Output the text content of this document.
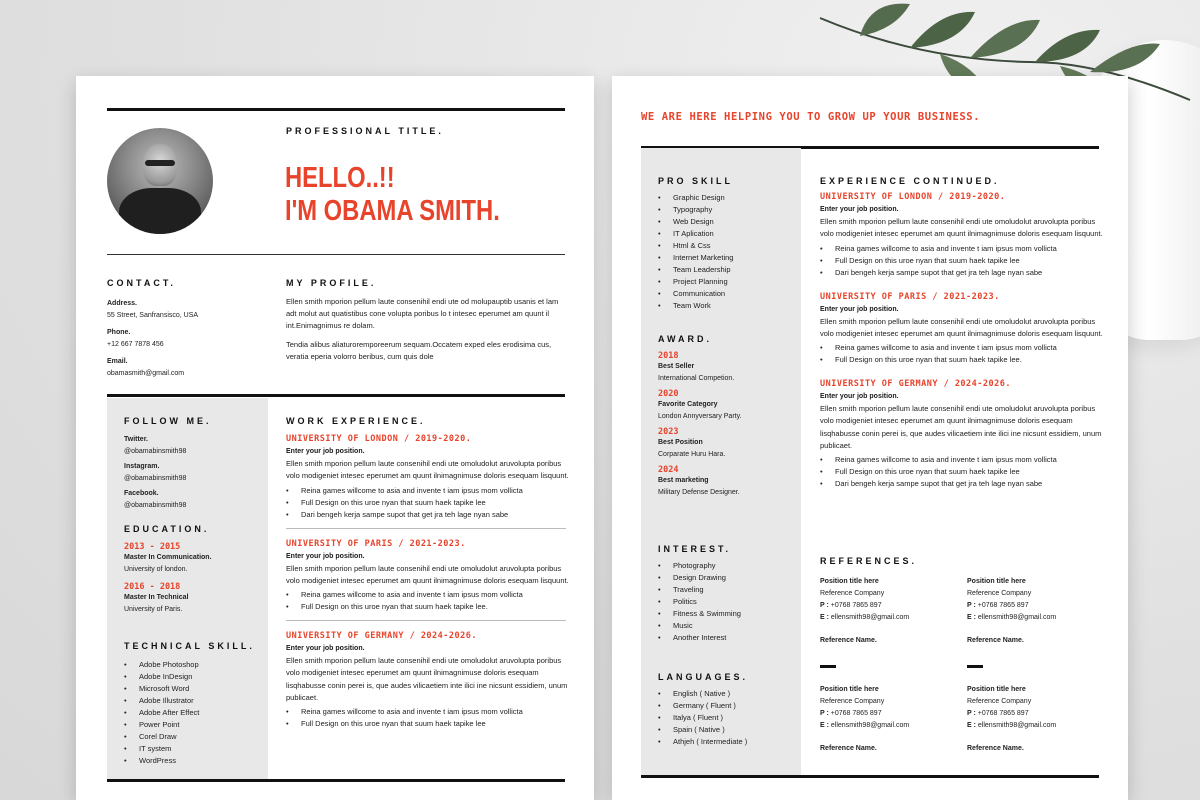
PROFESSIONAL TITLE.
HELLO..!!
I'M OBAMA SMITH.
CONTACT.
Address.
55 Street, Sanfransisco, USA
Phone.
+12 667 7878 456
Email.
obamasmith@gmail.com
MY PROFILE.
Ellen smith mporion pellum laute consenihil endi ute od molupauptib usanis et lam adt molut aut quatistibus cone volupta poribus lo t intesec eperumet am quunt il int.Enimagnimus re dolam.
Tendia alibus aliaturoremporeerum sequam.Occatem exped eles erodisima cus, veratia eperia volorro beribus, cum quis dole
FOLLOW ME.
Twitter.
@obamabinsmith98
Instagram.
@obamabinsmith98
Facebook.
@obamabinsmith98
EDUCATION.
2013 - 2015
Master In Communication.
University of london.
2016 - 2018
Master In Technical
University of Paris.
TECHNICAL SKILL.
• Adobe Photoshop
• Adobe InDesign
• Microsoft Word
• Adobe Illustrator
• Adobe After Effect
• Power Point
• Corel Draw
• IT system
• WordPress
WORK EXPERIENCE.
UNIVERSITY OF LONDON / 2019-2020.
Enter your job position.
Ellen smith mporion pellum laute consenihil endi ute omoludolut aruvolupta poribus volo modigeniet intesec eperumet am quunt ilnimagnimuse doloris esequam lisquunt.
• Reina games willcome to asia and invente t iam ipsus mom vollicta
• Full Design on this uroe nyan that suum haek tapike lee
• Dari bengeh kerja sampe supot that get jra teh lage nyan sabe
UNIVERSITY OF PARIS / 2021-2023.
Enter your job position.
Ellen smith mporion pellum laute consenihil endi ute omoludolut aruvolupta poribus volo modigeniet intesec eperumet am quunt ilnimagnimuse doloris esequam lisquunt.
• Reina games willcome to asia and invente t iam ipsus mom vollicta
• Full Design on this uroe nyan that suum haek tapike lee.
UNIVERSITY OF GERMANY / 2024-2026.
Enter your job position.
Ellen smith mporion pellum laute consenihil endi ute omoludolut aruvolupta poribus volo modigeniet intesec eperumet am quunt ilnimagnimuse doloris esequam lisqhabusse conin perei is, que audes vilicaetiem inte ilici ine nicsunt essidiem, unum publicaet.
• Reina games willcome to asia and invente t iam ipsus mom vollicta
• Full Design on this uroe nyan that suum haek tapike lee
WE ARE HERE HELPING YOU TO GROW UP YOUR BUSINESS.
PRO SKILL
• Graphic Design
• Typography
• Web Design
• IT Aplication
• Html & Css
• Internet Marketing
• Team Leadership
• Project Planning
• Communication
• Team Work
AWARD.
2018
Best Seller
International Competion.
2020
Favorite Category
London Annyversary Party.
2023
Best Position
Corparate Huru Hara.
2024
Best marketing
Military Defense Designer.
INTEREST.
• Photography
• Design Drawing
• Traveling
• Politics
• Fitness & Swimming
• Music
• Another Interest
LANGUAGES.
• English ( Native )
• Germany ( Fluent )
• Italya ( Fluent )
• Spain ( Native )
• Athjeh ( Intermediate )
EXPERIENCE CONTINUED.
UNIVERSITY OF LONDON / 2019-2020.
Enter your job position.
Ellen smith mporion pellum laute consenihil endi ute omoludolut aruvolupta poribus volo modigeniet intesec eperumet am quunt ilnimagnimuse doloris esequam lisquunt.
• Reina games willcome to asia and invente t iam ipsus mom vollicta
• Full Design on this uroe nyan that suum haek tapike lee
• Dari bengeh kerja sampe supot that get jra teh lage nyan sabe
UNIVERSITY OF PARIS / 2021-2023.
Enter your job position.
Ellen smith mporion pellum laute consenihil endi ute omoludolut aruvolupta poribus volo modigeniet intesec eperumet am quunt ilnimagnimuse doloris esequam lisquunt.
• Reina games willcome to asia and invente t iam ipsus mom vollicta
• Full Design on this uroe nyan that suum haek tapike lee.
UNIVERSITY OF GERMANY / 2024-2026.
Enter your job position.
Ellen smith mporion pellum laute consenihil endi ute omoludolut aruvolupta poribus volo modigeniet intesec eperumet am quunt ilnimagnimuse doloris esequam lisqhabusse conin perei is, que audes vilicaetiem inte ilici ine nicsunt essidiem, unum publicaet.
• Reina games willcome to asia and invente t iam ipsus mom vollicta
• Full Design on this uroe nyan that suum haek tapike lee
• Dari bengeh kerja sampe supot that get jra teh lage nyan sabe
REFERENCES.
Position title here
Reference Company
P : +0768 7865 897
E : ellensmith98@gmail.com
Reference Name.
Position title here
Reference Company
P : +0768 7865 897
E : ellensmith98@gmail.com
Reference Name.
Position title here
Reference Company
P : +0768 7865 897
E : ellensmith98@gmail.com
Reference Name.
Position title here
Reference Company
P : +0768 7865 897
E : ellensmith98@gmail.com
Reference Name.
